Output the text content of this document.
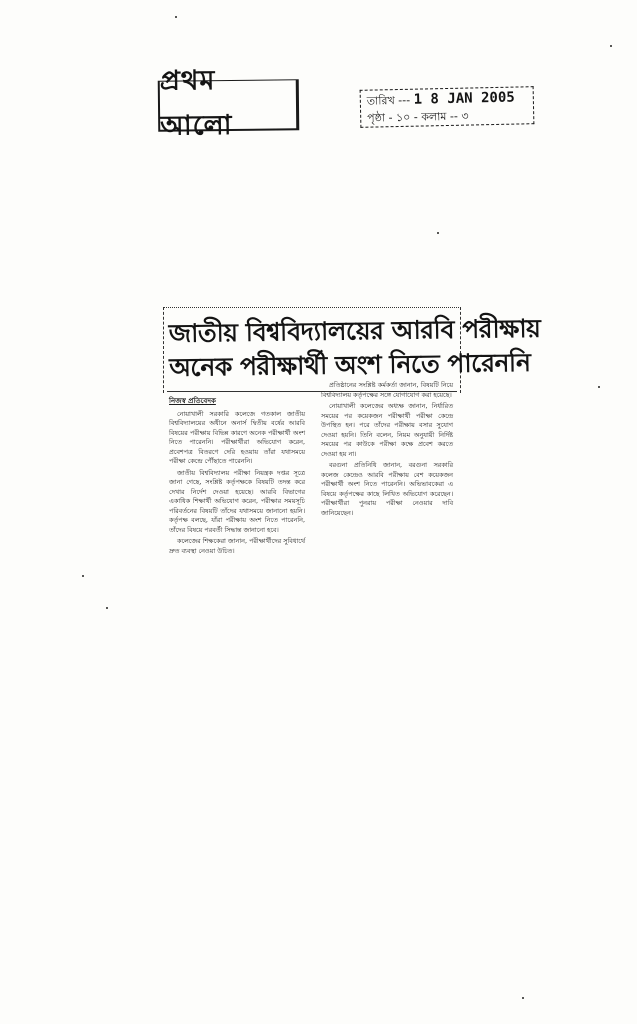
প্রথম আলো
তারিখ --- 1 8 JAN 2005
পৃষ্ঠা - ১০ - কলাম -- ৩
জাতীয় বিশ্ববিদ্যালয়ের আরবি পরীক্ষায়
অনেক পরীক্ষার্থী অংশ নিতে পারেননি
নিজস্ব প্রতিবেদক

নোয়াখালী সরকারি কলেজে গতকাল জাতীয় বিশ্ববিদ্যালয়ের অধীনে অনার্স দ্বিতীয় বর্ষের আরবি বিষয়ের পরীক্ষায় বিভিন্ন কারণে অনেক পরীক্ষার্থী অংশ নিতে পারেননি। পরীক্ষার্থীরা অভিযোগ করেন, প্রবেশপত্র বিতরণে দেরি হওয়ায় তাঁরা যথাসময়ে পরীক্ষা কেন্দ্রে পৌঁছাতে পারেননি।

জাতীয় বিশ্ববিদ্যালয় পরীক্ষা নিয়ন্ত্রক দপ্তর সূত্রে জানা গেছে, সংশ্লিষ্ট কর্তৃপক্ষকে বিষয়টি তদন্ত করে দেখার নির্দেশ দেওয়া হয়েছে। আরবি বিভাগের একাধিক শিক্ষার্থী অভিযোগ করেন, পরীক্ষার সময়সূচি পরিবর্তনের বিষয়টি তাঁদের যথাসময়ে জানানো হয়নি। কর্তৃপক্ষ বলছে, যাঁরা পরীক্ষায় অংশ নিতে পারেননি, তাঁদের বিষয়ে পরবর্তী সিদ্ধান্ত জানানো হবে।

কলেজের শিক্ষকেরা জানান, পরীক্ষার্থীদের সুবিধার্থে দ্রুত ব্যবস্থা নেওয়া উচিত।

প্রতিষ্ঠানের সংশ্লিষ্ট কর্মকর্তা জানান, বিষয়টি নিয়ে বিশ্ববিদ্যালয় কর্তৃপক্ষের সঙ্গে যোগাযোগ করা হয়েছে।

নোয়াখালী কলেজের অধ্যক্ষ জানান, নির্ধারিত সময়ের পর কয়েকজন পরীক্ষার্থী পরীক্ষা কেন্দ্রে উপস্থিত হন। পরে তাঁদের পরীক্ষায় বসার সুযোগ দেওয়া হয়নি। তিনি বলেন, নিয়ম অনুযায়ী নির্দিষ্ট সময়ের পর কাউকে পরীক্ষা কক্ষে প্রবেশ করতে দেওয়া হয় না।

বরগুনা প্রতিনিধি জানান, বরগুনা সরকারি কলেজ কেন্দ্রেও আরবি পরীক্ষায় বেশ কয়েকজন পরীক্ষার্থী অংশ নিতে পারেননি। অভিভাবকেরা এ বিষয়ে কর্তৃপক্ষের কাছে লিখিত অভিযোগ করেছেন। পরীক্ষার্থীরা পুনরায় পরীক্ষা নেওয়ার দাবি জানিয়েছেন।
